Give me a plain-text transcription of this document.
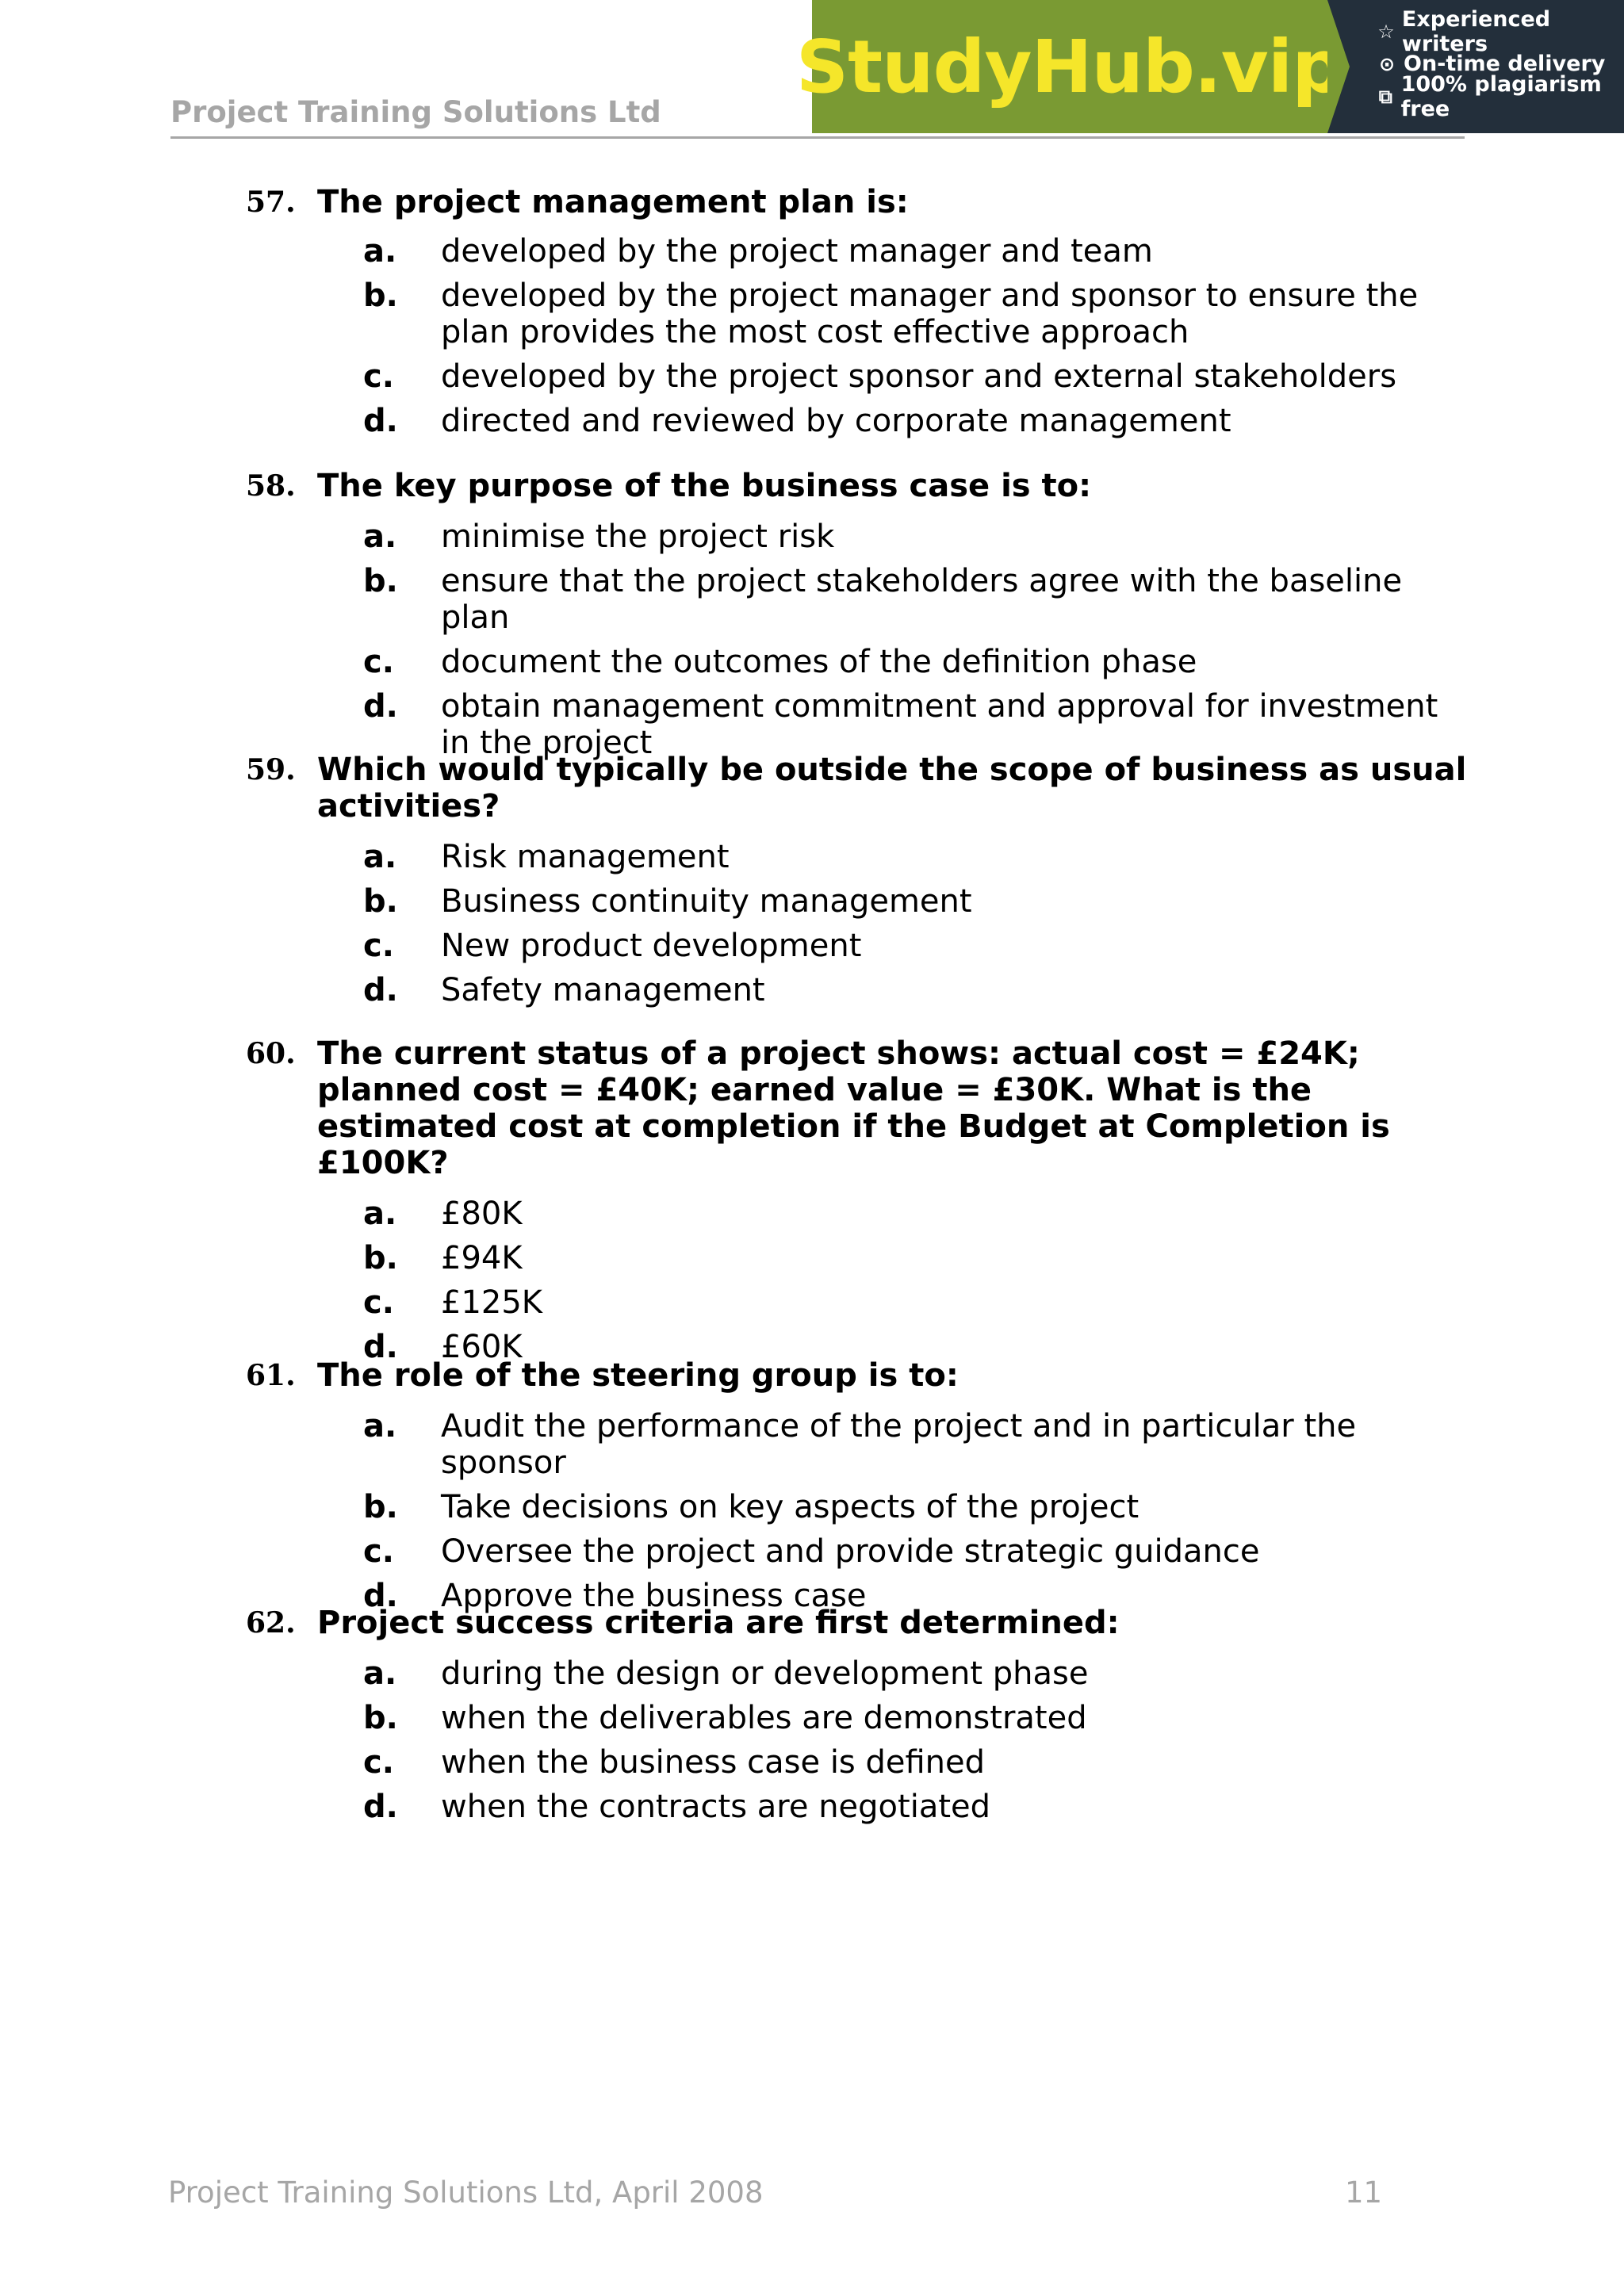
Project Training Solutions Ltd
StudyHub.vip ☆ Experienced writers
⊙ On-time delivery
⧉ 100% plagiarism free
57. The project management plan is:
a.	developed by the project manager and team
b.	developed by the project manager and sponsor to ensure the plan provides the most cost effective approach
c.	developed by the project sponsor and external stakeholders
d.	directed and reviewed by corporate management
58. The key purpose of the business case is to:
a.	minimise the project risk
b.	ensure that the project stakeholders agree with the baseline plan
c.	document the outcomes of the definition phase
d.	obtain management commitment and approval for investment in the project
59. Which would typically be outside the scope of business as usual activities?
a.	Risk management
b.	Business continuity management
c.	New product development
d.	Safety management
60. The current status of a project shows: actual cost = £24K; planned cost = £40K; earned value = £30K. What is the estimated cost at completion if the Budget at Completion is £100K?
a.	£80K
b.	£94K
c.	£125K
d.	£60K
61. The role of the steering group is to:
a.	Audit the performance of the project and in particular the sponsor
b.	Take decisions on key aspects of the project
c.	Oversee the project and provide strategic guidance
d.	Approve the business case
62. Project success criteria are first determined:
a.	during the design or development phase
b.	when the deliverables are demonstrated
c.	when the business case is defined
d.	when the contracts are negotiated
Project Training Solutions Ltd, April 2008	11
